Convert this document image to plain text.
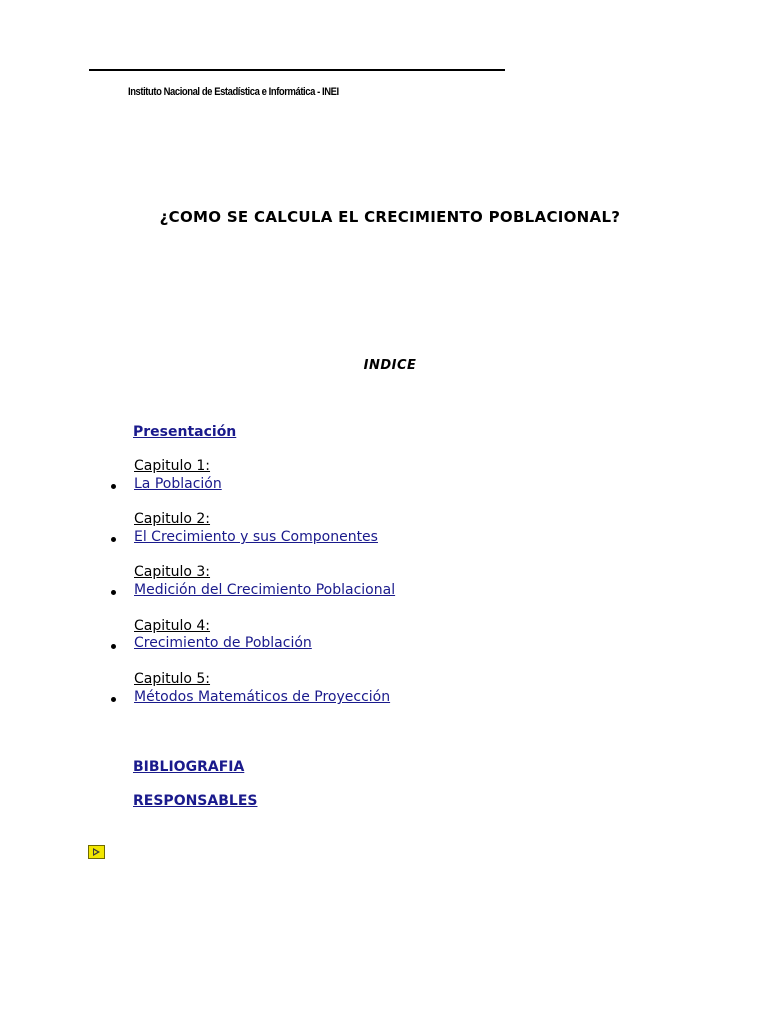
Instituto Nacional de Estadística e Informática - INEI
¿COMO SE CALCULA EL CRECIMIENTO POBLACIONAL?
INDICE
Presentación
Capitulo 1:
La Población
Capitulo 2:
El Crecimiento y sus Componentes
Capitulo 3:
Medición del Crecimiento Poblacional
Capitulo 4:
Crecimiento de Población
Capitulo 5:
Métodos Matemáticos de Proyección
BIBLIOGRAFIA
RESPONSABLES
